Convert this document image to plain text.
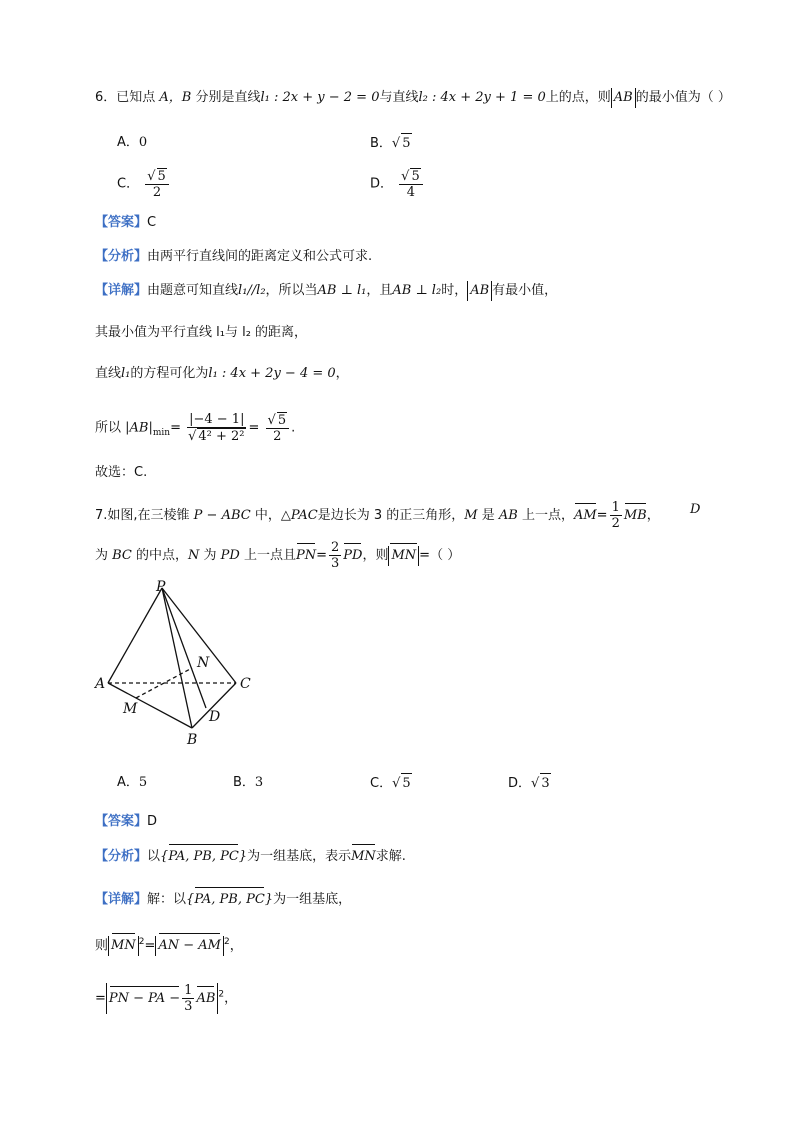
6．已知点 A，B 分别是直线l₁ : 2x + y − 2 = 0与直线l₂ : 4x + 2y + 1 = 0上的点，则 AB 的最小值为（ ）
A．0	B．√ 5
C． $\frac{√ 5}{2}$	D． $\frac{√ 5}{4}$
【答案】C
【分析】由两平行直线间的距离定义和公式可求.
【详解】由题意可知直线l₁//l₂，所以当AB ⊥ l₁，且AB ⊥ l₂时， AB 有最小值，
其最小值为平行直线 l₁与 l₂ 的距离，
直线l₁的方程可化为l₁ : 4x + 2y − 4 = 0，
所以 $|AB|_{min}= \frac{|-4 - 1|}{\text{√ 4² + 2²}} = \frac{√ 5}{2}$ .
故选：C.
7.如图,在三棱锥 P − ABC 中，△PAC是边长为 3 的正三角形，M 是 AB 上一点，$AM= \frac{1}{2}$ MB， D
为 BC 的中点，N 为 PD 上一点且$PN= \frac{2}{3}$ PD，则 MN =（ ）
P
A	C
B
D
M
N
A．5	B．3	C．√ 5	D．√ 3
【答案】D
【分析】以{PA, PB, PC}为一组基底，表示MN求解.
【详解】解：以{PA, PB, PC}为一组基底，
则 MN $^2$= AN − AM $^2$，
= PN − PA − $\frac{1}{3}$ AB $^2$，
